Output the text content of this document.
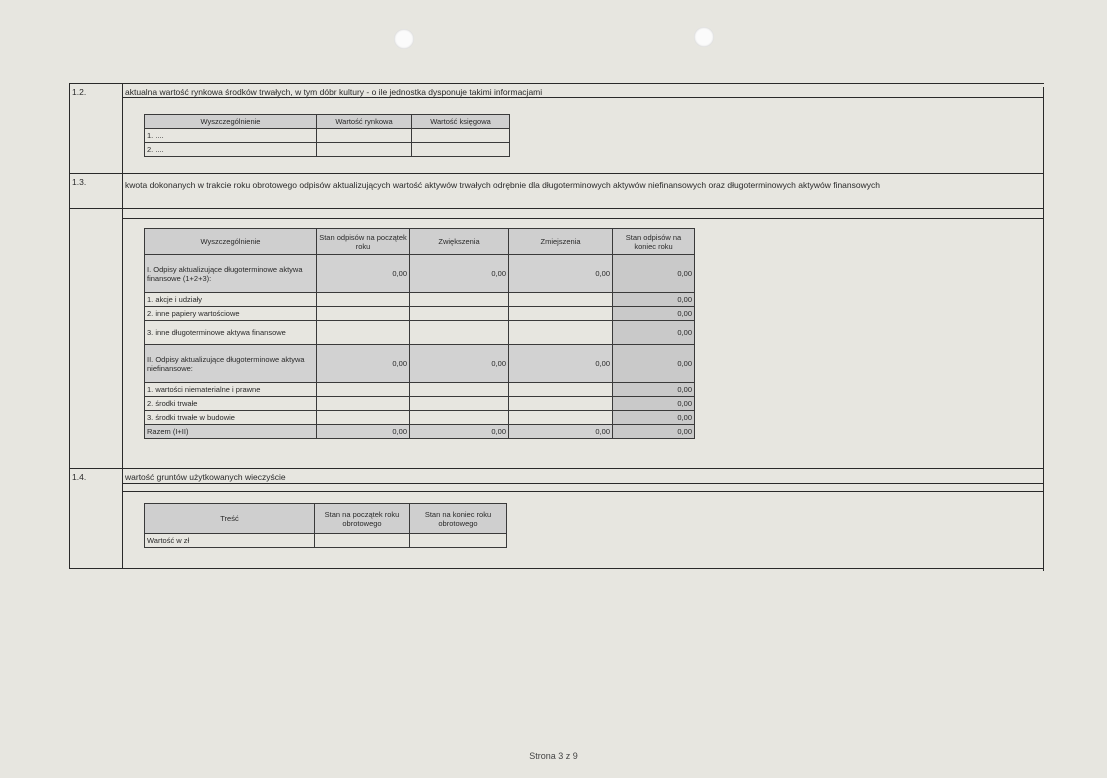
1.2.	aktualna wartość rynkowa środków trwałych, w tym dóbr kultury - o ile jednostka dysponuje takimi informacjami
Wyszczególnienie	Wartość rynkowa	Wartość księgowa
1. ....		
2. ....		
1.3.	kwota dokonanych w trakcie roku obrotowego odpisów aktualizujących wartość aktywów trwałych odrębnie dla długoterminowych aktywów niefinansowych oraz długoterminowych aktywów finansowych
Wyszczególnienie	Stan odpisów na początek roku	Zwiększenia	Zmiejszenia	Stan odpisów na koniec roku
I. Odpisy aktualizujące długoterminowe aktywa finansowe (1+2+3):	0,00	0,00	0,00	0,00
1. akcje i udziały				0,00
2. inne papiery wartościowe				0,00
3. inne długoterminowe aktywa finansowe				0,00
II. Odpisy aktualizujące długoterminowe aktywa niefinansowe:	0,00	0,00	0,00	0,00
1. wartości niematerialne i prawne				0,00
2. środki trwałe				0,00
3. środki trwałe w budowie				0,00
Razem (I+II)	0,00	0,00	0,00	0,00
1.4.	wartość gruntów użytkowanych wieczyście
Treść	Stan na początek roku obrotowego	Stan na koniec roku obrotowego
Wartość w zł		
Strona 3 z 9
